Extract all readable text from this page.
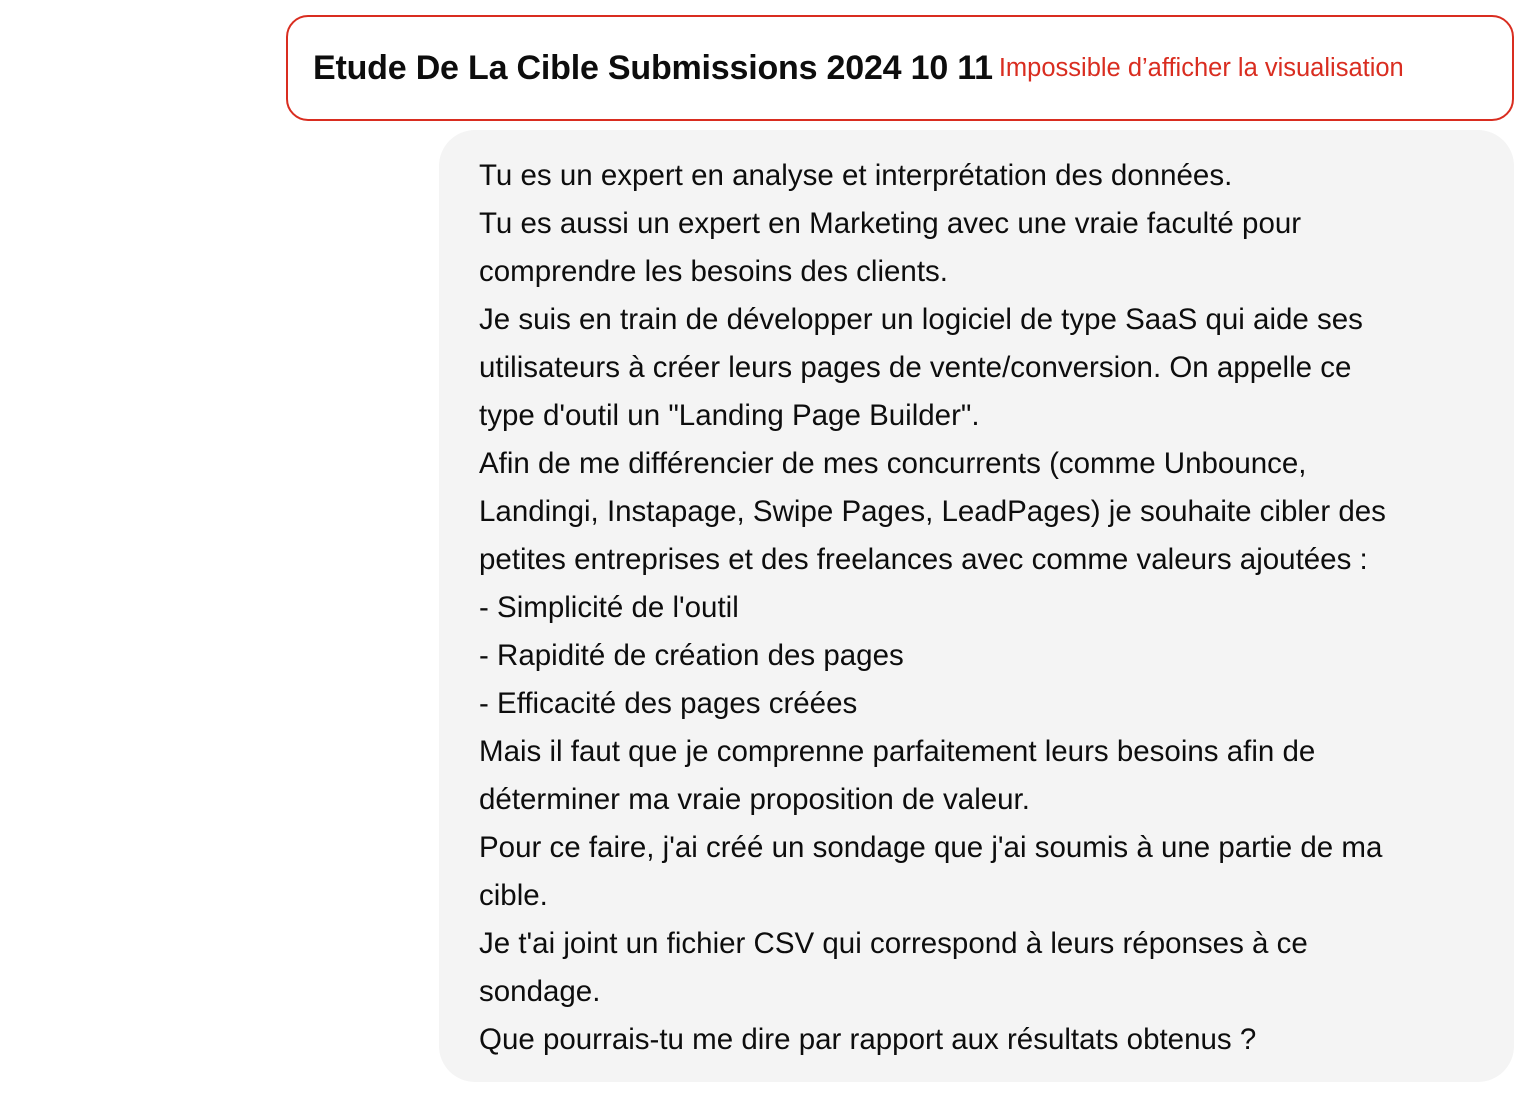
Etude De La Cible Submissions 2024 10 11 Impossible d’afficher la visualisation
Tu es un expert en analyse et interprétation des données.
Tu es aussi un expert en Marketing avec une vraie faculté pour
comprendre les besoins des clients.
Je suis en train de développer un logiciel de type SaaS qui aide ses
utilisateurs à créer leurs pages de vente/conversion. On appelle ce
type d'outil un "Landing Page Builder".
Afin de me différencier de mes concurrents (comme Unbounce,
Landingi, Instapage, Swipe Pages, LeadPages) je souhaite cibler des
petites entreprises et des freelances avec comme valeurs ajoutées :
- Simplicité de l'outil
- Rapidité de création des pages
- Efficacité des pages créées
Mais il faut que je comprenne parfaitement leurs besoins afin de
déterminer ma vraie proposition de valeur.
Pour ce faire, j'ai créé un sondage que j'ai soumis à une partie de ma
cible.
Je t'ai joint un fichier CSV qui correspond à leurs réponses à ce
sondage.
Que pourrais-tu me dire par rapport aux résultats obtenus ?
